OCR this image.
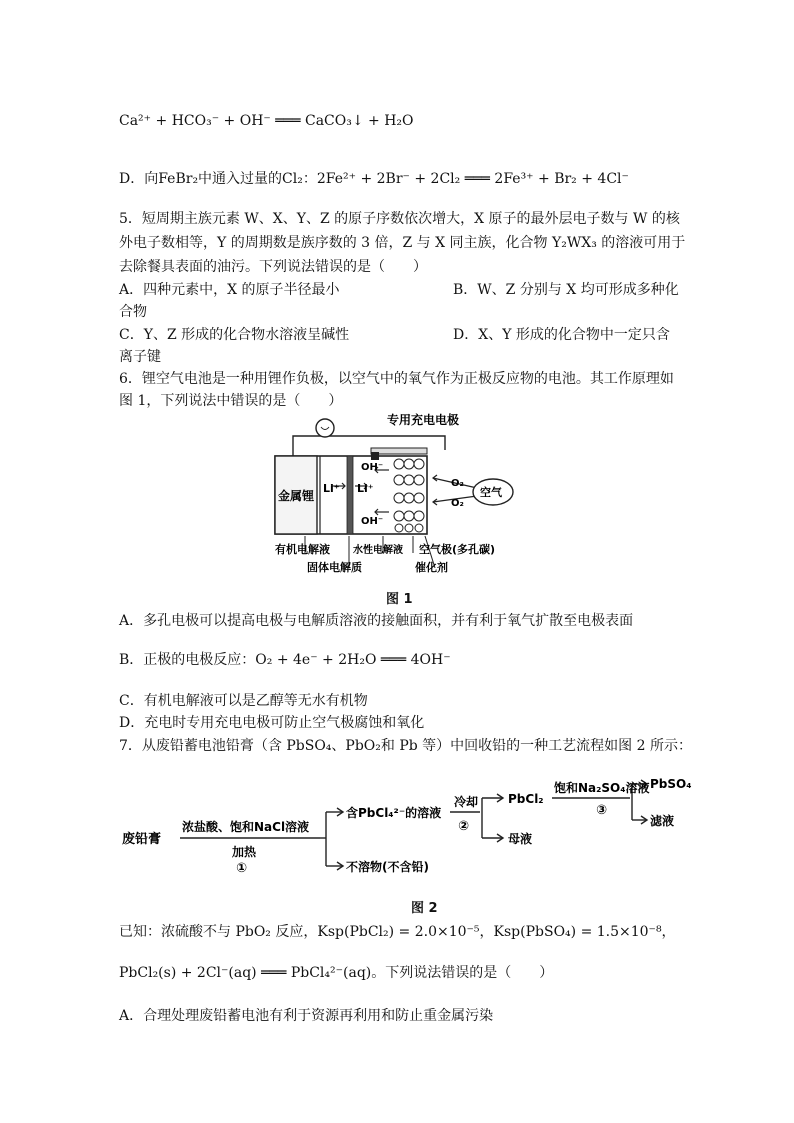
Ca²⁺ + HCO₃⁻ + OH⁻ ═══ CaCO₃↓ + H₂O
D．向FeBr₂中通入过量的Cl₂：2Fe²⁺ + 2Br⁻ + 2Cl₂ ═══ 2Fe³⁺ + Br₂ + 4Cl⁻
5．短周期主族元素 W、X、Y、Z 的原子序数依次增大，X 原子的最外层电子数与 W 的核
外电子数相等，Y 的周期数是族序数的 3 倍，Z 与 X 同主族，化合物 Y₂WX₃ 的溶液可用于
去除餐具表面的油污。下列说法错误的是（　　）
A．四种元素中，X 的原子半径最小	B．W、Z 分别与 X 均可形成多种化
合物
C．Y、Z 形成的化合物水溶液呈碱性	D．X、Y 形成的化合物中一定只含
离子键
6．锂空气电池是一种用锂作负极，以空气中的氧气作为正极反应物的电池。其工作原理如
图 1，下列说法中错误的是（　　）
专用充电电极
金属锂
Li⁺ Li⁺
OH⁻
OH⁻
O₂
O₂
空气
有机电解液 水性电解液 空气极(多孔碳)
固体电解质	催化剂
图 1
A．多孔电极可以提高电极与电解质溶液的接触面积，并有利于氧气扩散至电极表面
B．正极的电极反应：O₂ + 4e⁻ + 2H₂O ═══ 4OH⁻
C．有机电解液可以是乙醇等无水有机物
D．充电时专用充电电极可防止空气极腐蚀和氧化
7．从废铅蓄电池铅膏（含 PbSO₄、PbO₂和 Pb 等）中回收铅的一种工艺流程如图 2 所示：
废铅膏
浓盐酸、饱和NaCl溶液
加热
①
含PbCl₄²⁻的溶液
不溶物(不含铅)
冷却
②
PbCl₂
母液
饱和Na₂SO₄溶液
③
PbSO₄
滤液
图 2
已知：浓硫酸不与 PbO₂ 反应，Ksp(PbCl₂) = 2.0×10⁻⁵，Ksp(PbSO₄) = 1.5×10⁻⁸，
PbCl₂(s) + 2Cl⁻(aq) ═══ PbCl₄²⁻(aq)。下列说法错误的是（　　）
A．合理处理废铅蓄电池有利于资源再利用和防止重金属污染
